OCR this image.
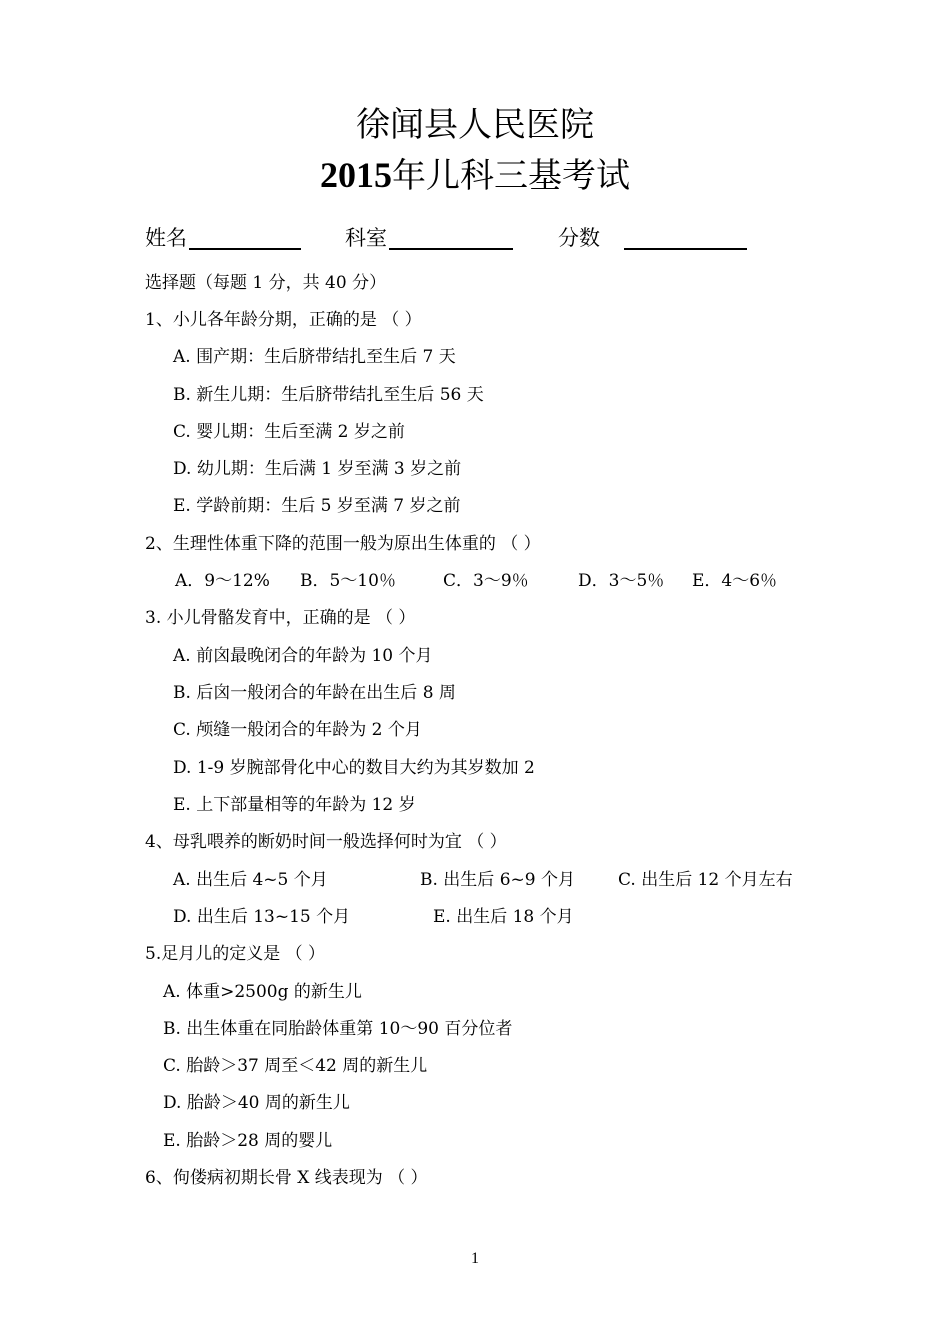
徐闻县人民医院
2015年儿科三基考试
姓名	科室	分数
选择题（每题 1 分，共 40 分）
1、小儿各年龄分期，正确的是 （ ）
A. 围产期：生后脐带结扎至生后 7 天
B. 新生儿期：生后脐带结扎至生后 56 天
C. 婴儿期：生后至满 2 岁之前
D. 幼儿期：生后满 1 岁至满 3 岁之前
E. 学龄前期：生后 5 岁至满 7 岁之前
2、生理性体重下降的范围一般为原出生体重的 （ ）
A．9～12% B．5～10％	C．3～9％	D．3～5％ E．4～6％
3. 小儿骨骼发育中，正确的是 （ ）
A. 前囟最晚闭合的年龄为 10 个月
B. 后囟一般闭合的年龄在出生后 8 周
C. 颅缝一般闭合的年龄为 2 个月
D. 1-9 岁腕部骨化中心的数目大约为其岁数加 2
E. 上下部量相等的年龄为 12 岁
4、母乳喂养的断奶时间一般选择何时为宜 （ ）
A. 出生后 4~5 个月	B. 出生后 6~9 个月	C. 出生后 12 个月左右
D. 出生后 13~15 个月	E. 出生后 18 个月
5.足月儿的定义是 （ ）
A. 体重>2500g 的新生儿
B. 出生体重在同胎龄体重第 10～90 百分位者
C. 胎龄＞37 周至＜42 周的新生儿
D. 胎龄＞40 周的新生儿
E. 胎龄＞28 周的婴儿
6、佝偻病初期长骨 X 线表现为 （ ）
1
